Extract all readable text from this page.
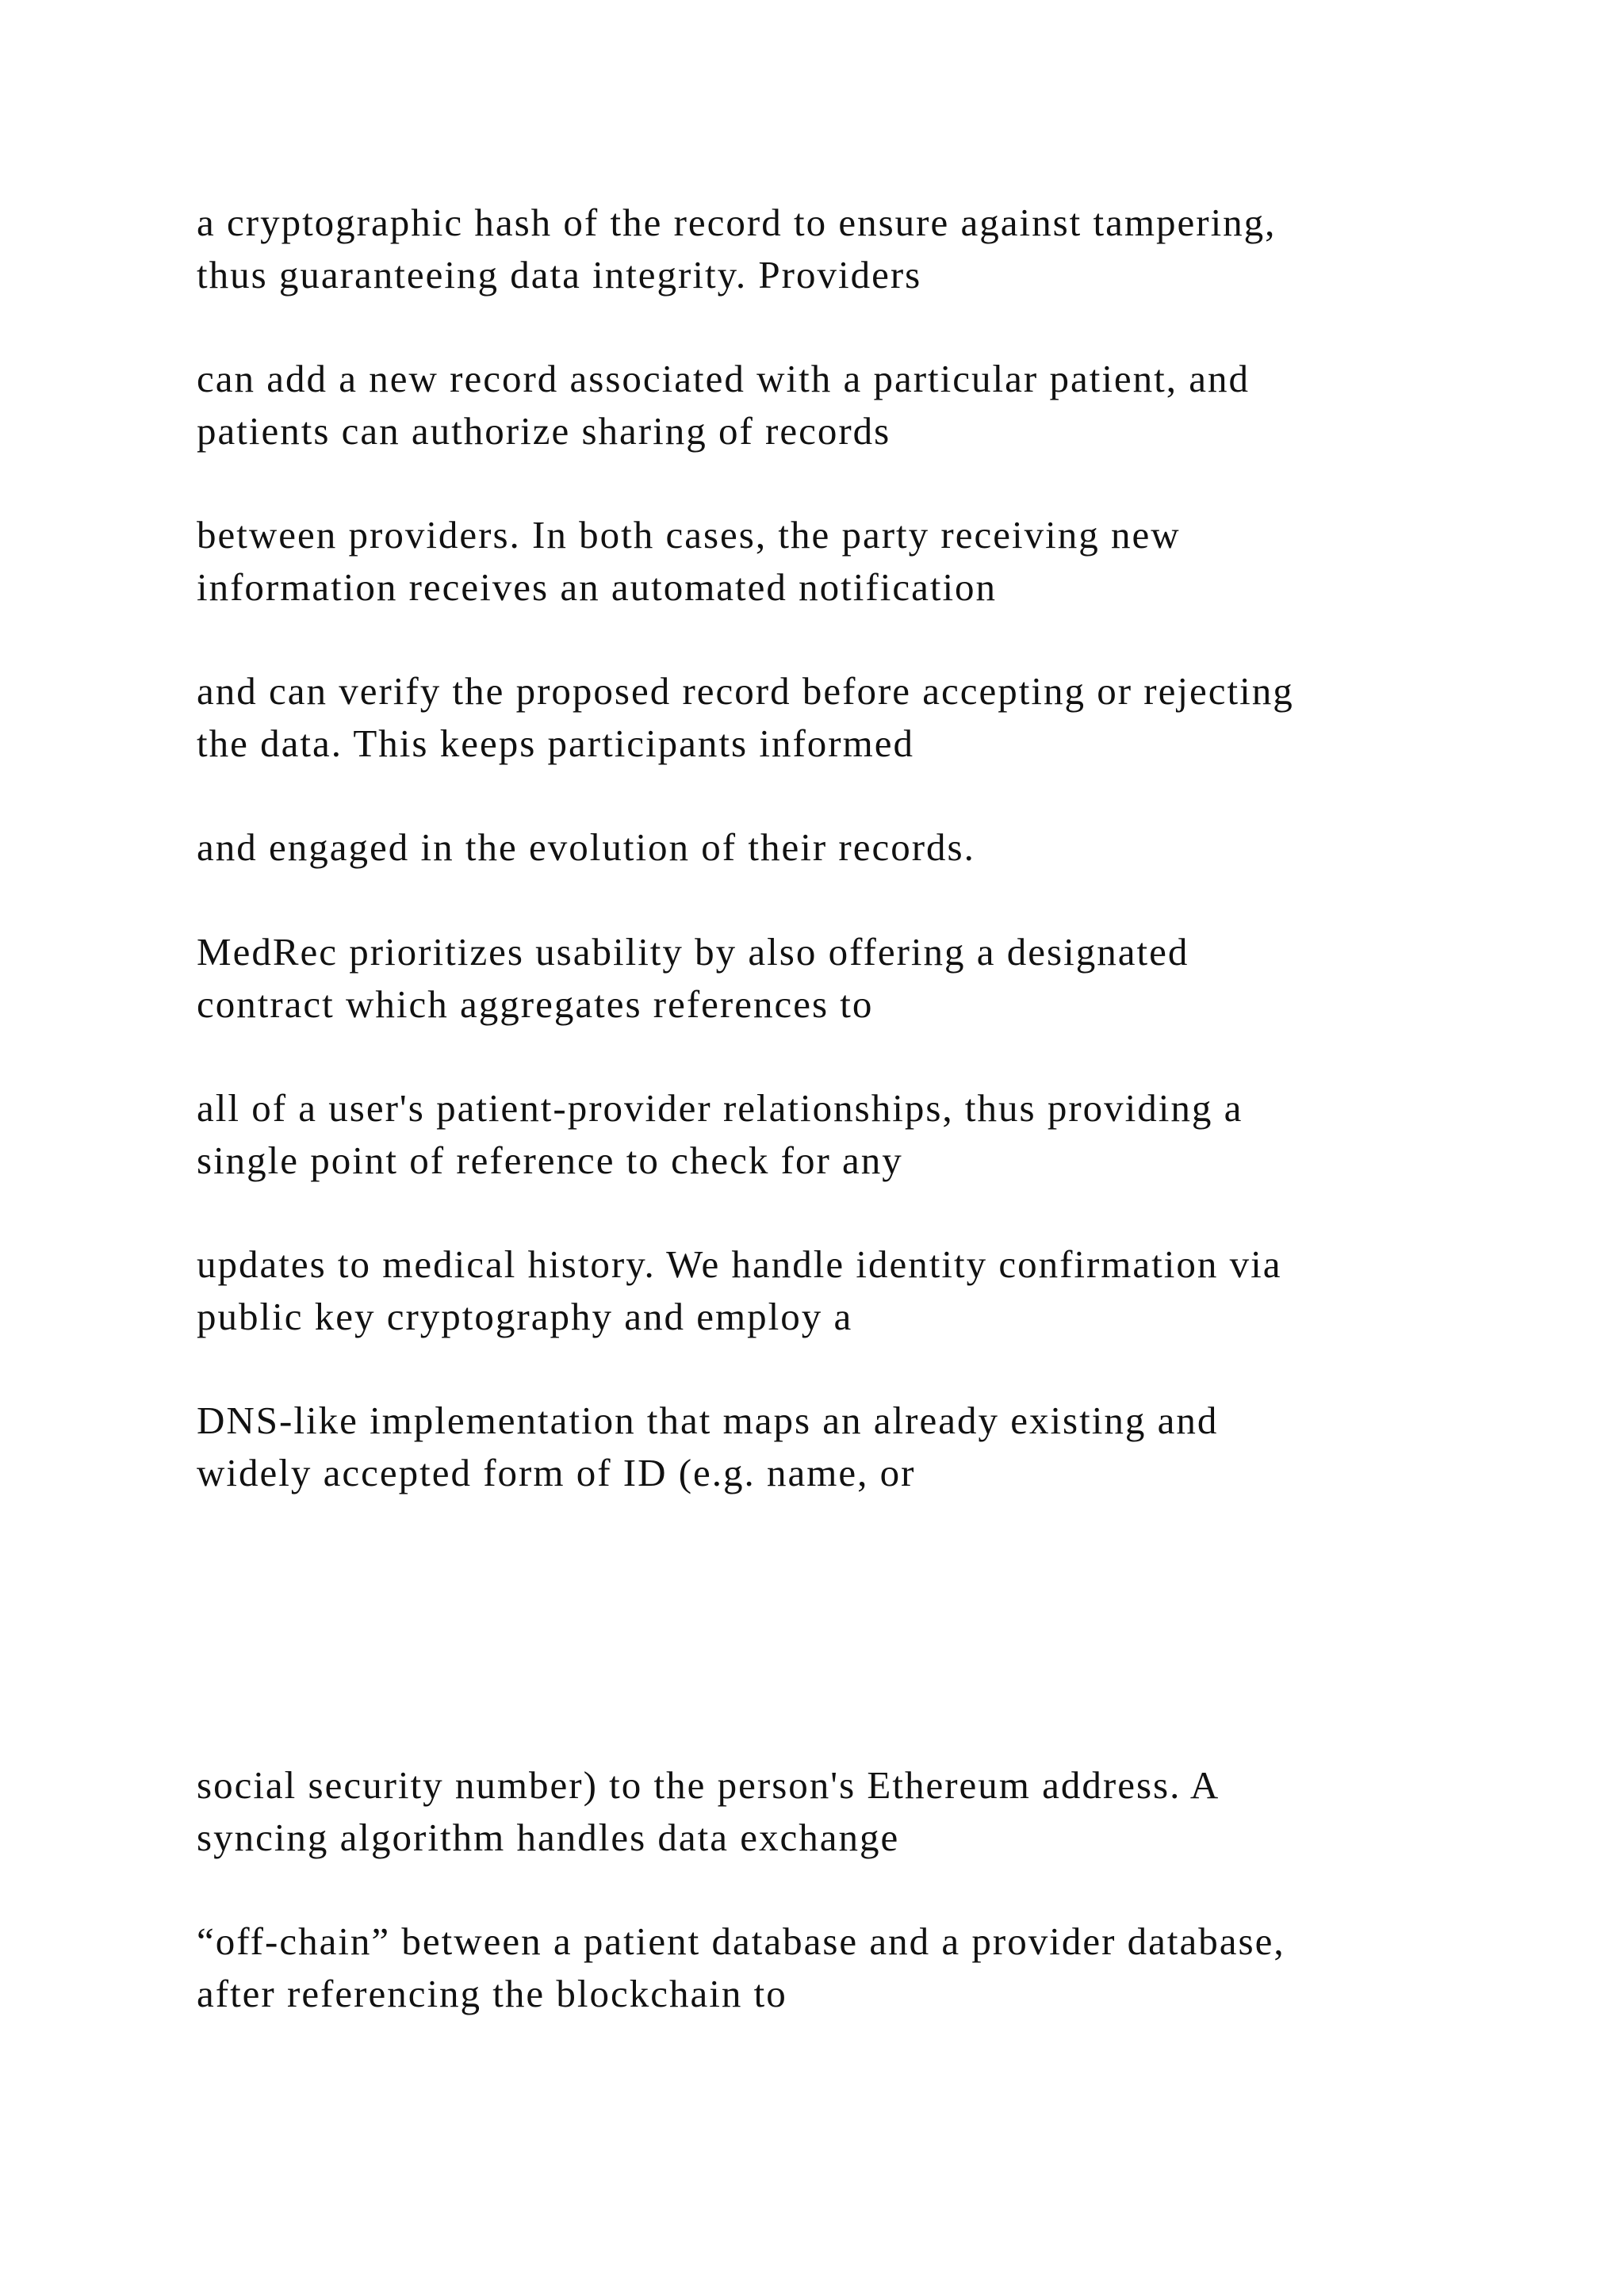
a cryptographic hash of the record to ensure against tampering,
thus guaranteeing data integrity. Providers

can add a new record associated with a particular patient, and
patients can authorize sharing of records

between providers. In both cases, the party receiving new
information receives an automated notification

and can verify the proposed record before accepting or rejecting
the data. This keeps participants informed

and engaged in the evolution of their records.

MedRec prioritizes usability by also offering a designated
contract which aggregates references to

all of a user's patient-provider relationships, thus providing a
single point of reference to check for any

updates to medical history. We handle identity confirmation via
public key cryptography and employ a

DNS-like implementation that maps an already existing and
widely accepted form of ID (e.g. name, or

social security number) to the person's Ethereum address. A
syncing algorithm handles data exchange

“off-chain” between a patient database and a provider database,
after referencing the blockchain to
